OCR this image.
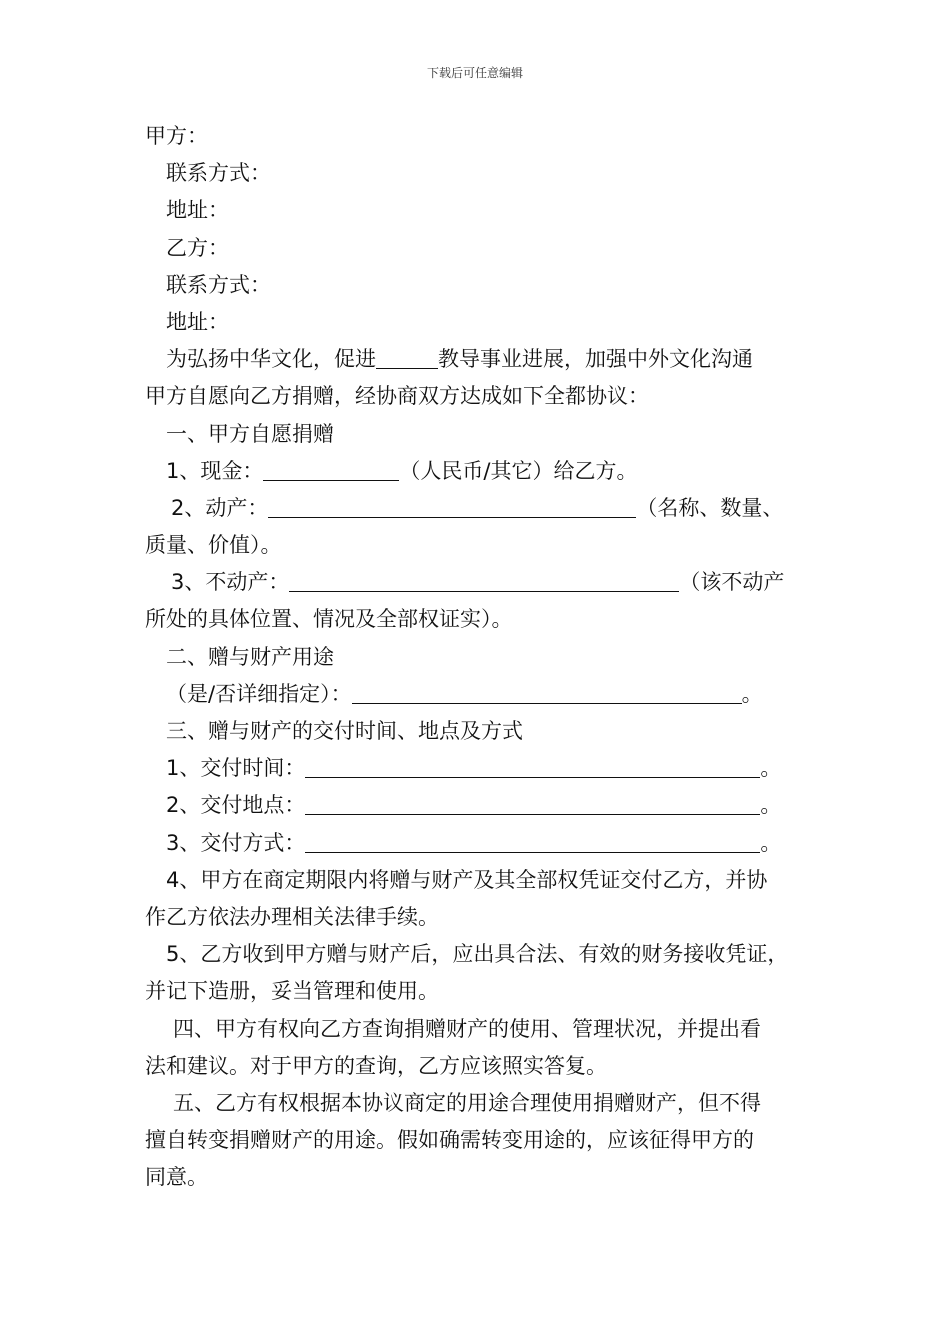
下载后可任意编辑
甲方：
联系方式：
地址：
乙方：
联系方式：
地址：
为弘扬中华文化，促进	教导事业进展，加强中外文化沟通
甲方自愿向乙方捐赠，经协商双方达成如下全都协议：
一、甲方自愿捐赠
1、现金：	（人民币/其它）给乙方。
2、动产：	（名称、数量、
质量、价值）。
3、不动产：	（该不动产
所处的具体位置、情况及全部权证实）。
二、赠与财产用途
（是/否详细指定）：	。
三、赠与财产的交付时间、地点及方式
1、交付时间：	。
2、交付地点：	。
3、交付方式：	。
4、甲方在商定期限内将赠与财产及其全部权凭证交付乙方，并协
作乙方依法办理相关法律手续。
5、乙方收到甲方赠与财产后，应出具合法、有效的财务接收凭证，
并记下造册，妥当管理和使用。
四、甲方有权向乙方查询捐赠财产的使用、管理状况，并提出看
法和建议。对于甲方的查询，乙方应该照实答复。
五、乙方有权根据本协议商定的用途合理使用捐赠财产，但不得
擅自转变捐赠财产的用途。假如确需转变用途的，应该征得甲方的
同意。
